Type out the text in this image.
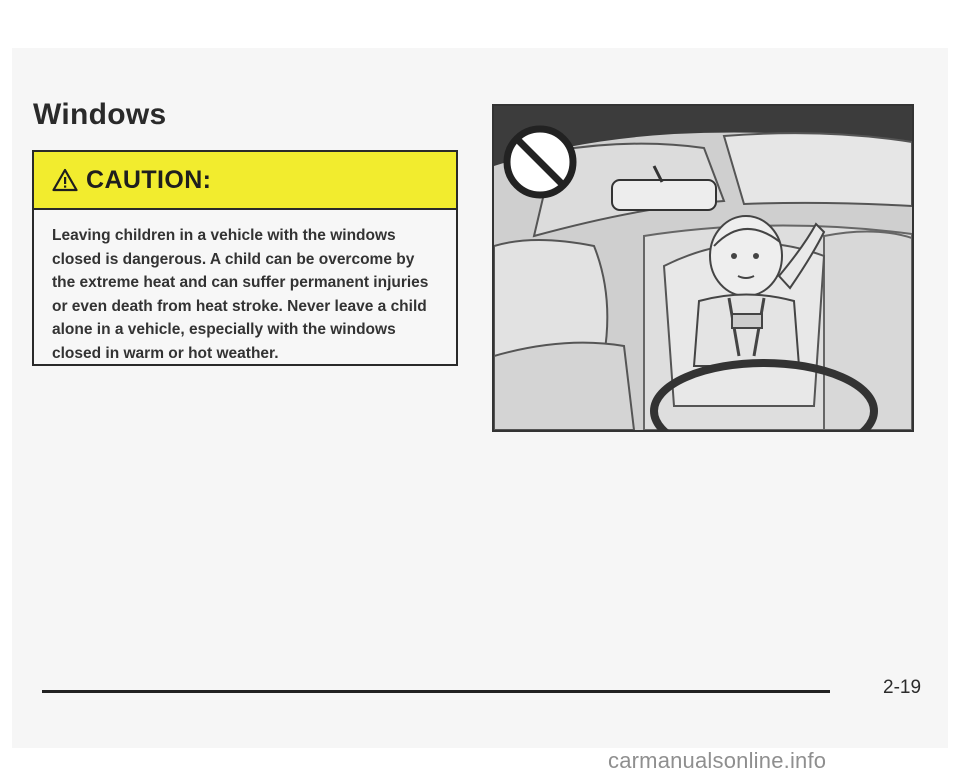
Windows
CAUTION:

Leaving children in a vehicle with the windows closed is dangerous. A child can be overcome by the extreme heat and can suffer permanent injuries or even death from heat stroke. Never leave a child alone in a vehicle, especially with the windows closed in warm or hot weather.

2-19
carmanualsonline.info
